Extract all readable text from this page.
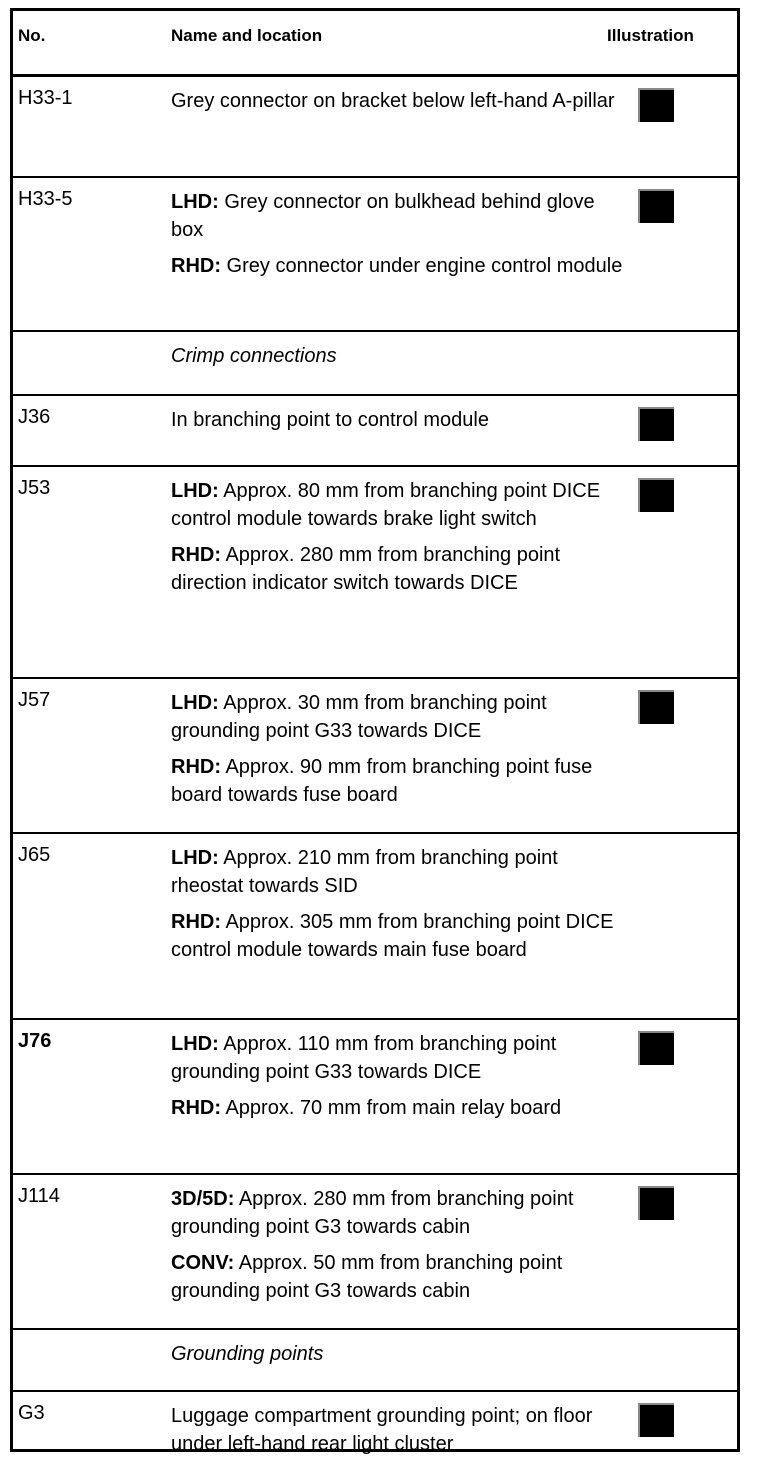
No.	Name and location	Illustration
H33-1	Grey connector on bracket below left-hand A-pillar

H33-5	LHD: Grey connector on bulkhead behind glove box

RHD: Grey connector under engine control module

Crimp connections
J36	In branching point to control module

J53	LHD: Approx. 80 mm from branching point DICE control module towards brake light switch

RHD: Approx. 280 mm from branching point direction indicator switch towards DICE

J57	LHD: Approx. 30 mm from branching point grounding point G33 towards DICE

RHD: Approx. 90 mm from branching point fuse board towards fuse board

J65	LHD: Approx. 210 mm from branching point rheostat towards SID

RHD: Approx. 305 mm from branching point DICE control module towards main fuse board

J76	LHD: Approx. 110 mm from branching point grounding point G33 towards DICE

RHD: Approx. 70 mm from main relay board

J114	3D/5D: Approx. 280 mm from branching point grounding point G3 towards cabin

CONV: Approx. 50 mm from branching point grounding point G3 towards cabin

Grounding points
G3	Luggage compartment grounding point; on floor under left-hand rear light cluster
